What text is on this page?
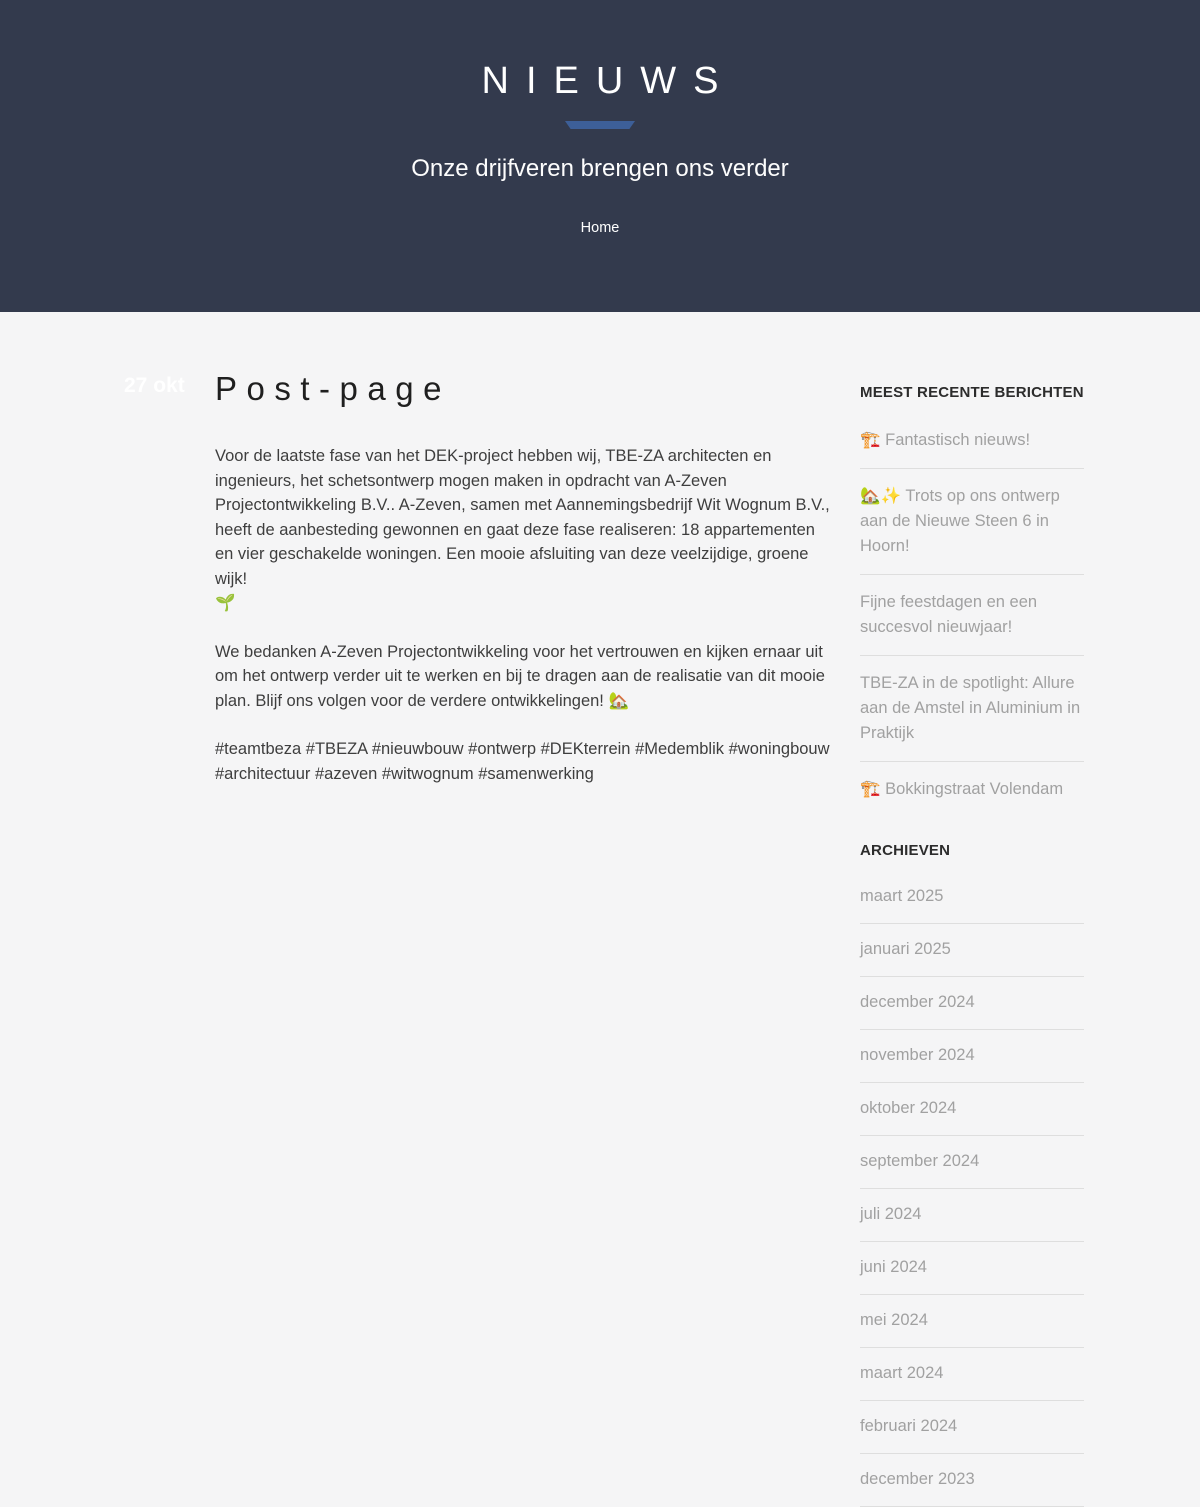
NIEUWS

Onze drijfveren brengen ons verder

Home
27 okt Post-page

Voor de laatste fase van het DEK-project hebben wij, TBE-ZA architecten en ingenieurs, het schetsontwerp mogen maken in opdracht van A-Zeven Projectontwikkeling B.V.. A-Zeven, samen met Aannemingsbedrijf Wit Wognum B.V., heeft de aanbesteding gewonnen en gaat deze fase realiseren: 18 appartementen en vier geschakelde woningen. Een mooie afsluiting van deze veelzijdige, groene wijk!
🌱

We bedanken A-Zeven Projectontwikkeling voor het vertrouwen en kijken ernaar uit om het ontwerp verder uit te werken en bij te dragen aan de realisatie van dit mooie plan. Blijf ons volgen voor de verdere ontwikkelingen! 🏡

#teamtbeza #TBEZA #nieuwbouw #ontwerp #DEKterrein #Medemblik #woningbouw #architectuur #azeven #witwognum #samenwerking

MEEST RECENTE BERICHTEN
🏗️ Fantastisch nieuws!
🏡✨ Trots op ons ontwerp aan de Nieuwe Steen 6 in Hoorn!
Fijne feestdagen en een succesvol nieuwjaar!
TBE-ZA in de spotlight: Allure aan de Amstel in Aluminium in Praktijk
🏗️ Bokkingstraat Volendam
ARCHIEVEN
maart 2025
januari 2025
december 2024
november 2024
oktober 2024
september 2024
juli 2024
juni 2024
mei 2024
maart 2024
februari 2024
december 2023
